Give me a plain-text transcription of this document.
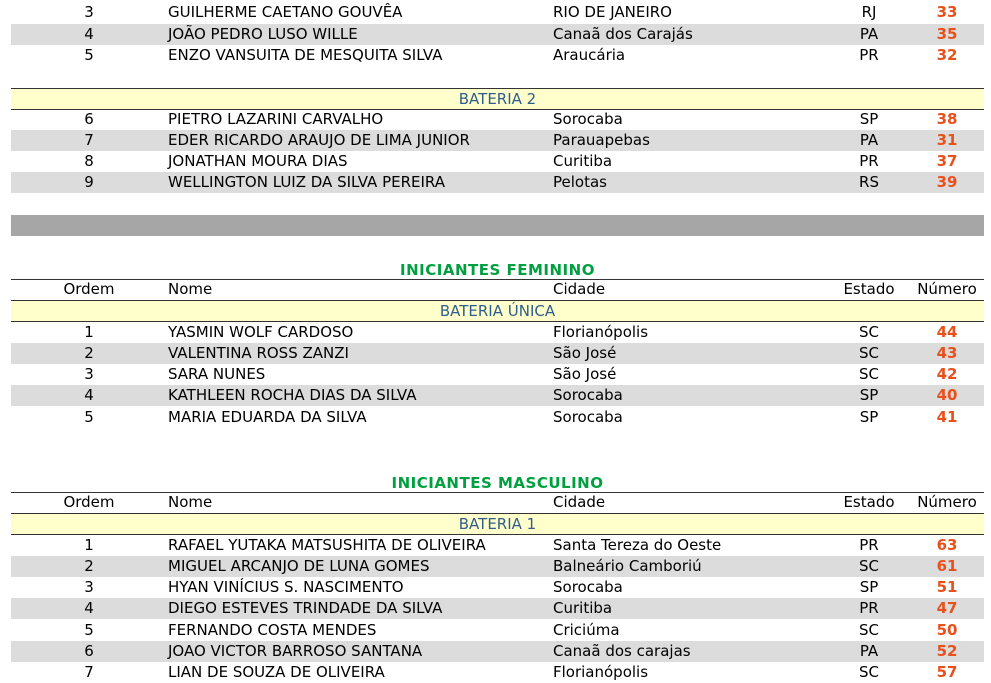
3	GUILHERME CAETANO GOUVÊA	RIO DE JANEIRO	RJ	33
4	JOÃO PEDRO LUSO WILLE	Canaã dos Carajás	PA	35
5	ENZO VANSUITA DE MESQUITA SILVA	Araucária	PR	32
BATERIA 2
6	PIETRO LAZARINI CARVALHO	Sorocaba	SP	38
7	EDER RICARDO ARAUJO DE LIMA JUNIOR	Parauapebas	PA	31
8	JONATHAN MOURA DIAS	Curitiba	PR	37
9	WELLINGTON LUIZ DA SILVA PEREIRA	Pelotas	RS	39
INICIANTES FEMININO
Ordem	Nome	Cidade	Estado	Número
BATERIA ÚNICA
1	YASMIN WOLF CARDOSO	Florianópolis	SC	44
2	VALENTINA ROSS ZANZI	São José	SC	43
3	SARA NUNES	São José	SC	42
4	KATHLEEN ROCHA DIAS DA SILVA	Sorocaba	SP	40
5	MARIA EDUARDA DA SILVA	Sorocaba	SP	41
INICIANTES MASCULINO
Ordem	Nome	Cidade	Estado	Número
BATERIA 1
1	RAFAEL YUTAKA MATSUSHITA DE OLIVEIRA	Santa Tereza do Oeste	PR	63
2	MIGUEL ARCANJO DE LUNA GOMES	Balneário Camboriú	SC	61
3	HYAN VINÍCIUS S. NASCIMENTO	Sorocaba	SP	51
4	DIEGO ESTEVES TRINDADE DA SILVA	Curitiba	PR	47
5	FERNANDO COSTA MENDES	Criciúma	SC	50
6	JOAO VICTOR BARROSO SANTANA	Canaã dos carajas	PA	52
7	LIAN DE SOUZA DE OLIVEIRA	Florianópolis	SC	57
